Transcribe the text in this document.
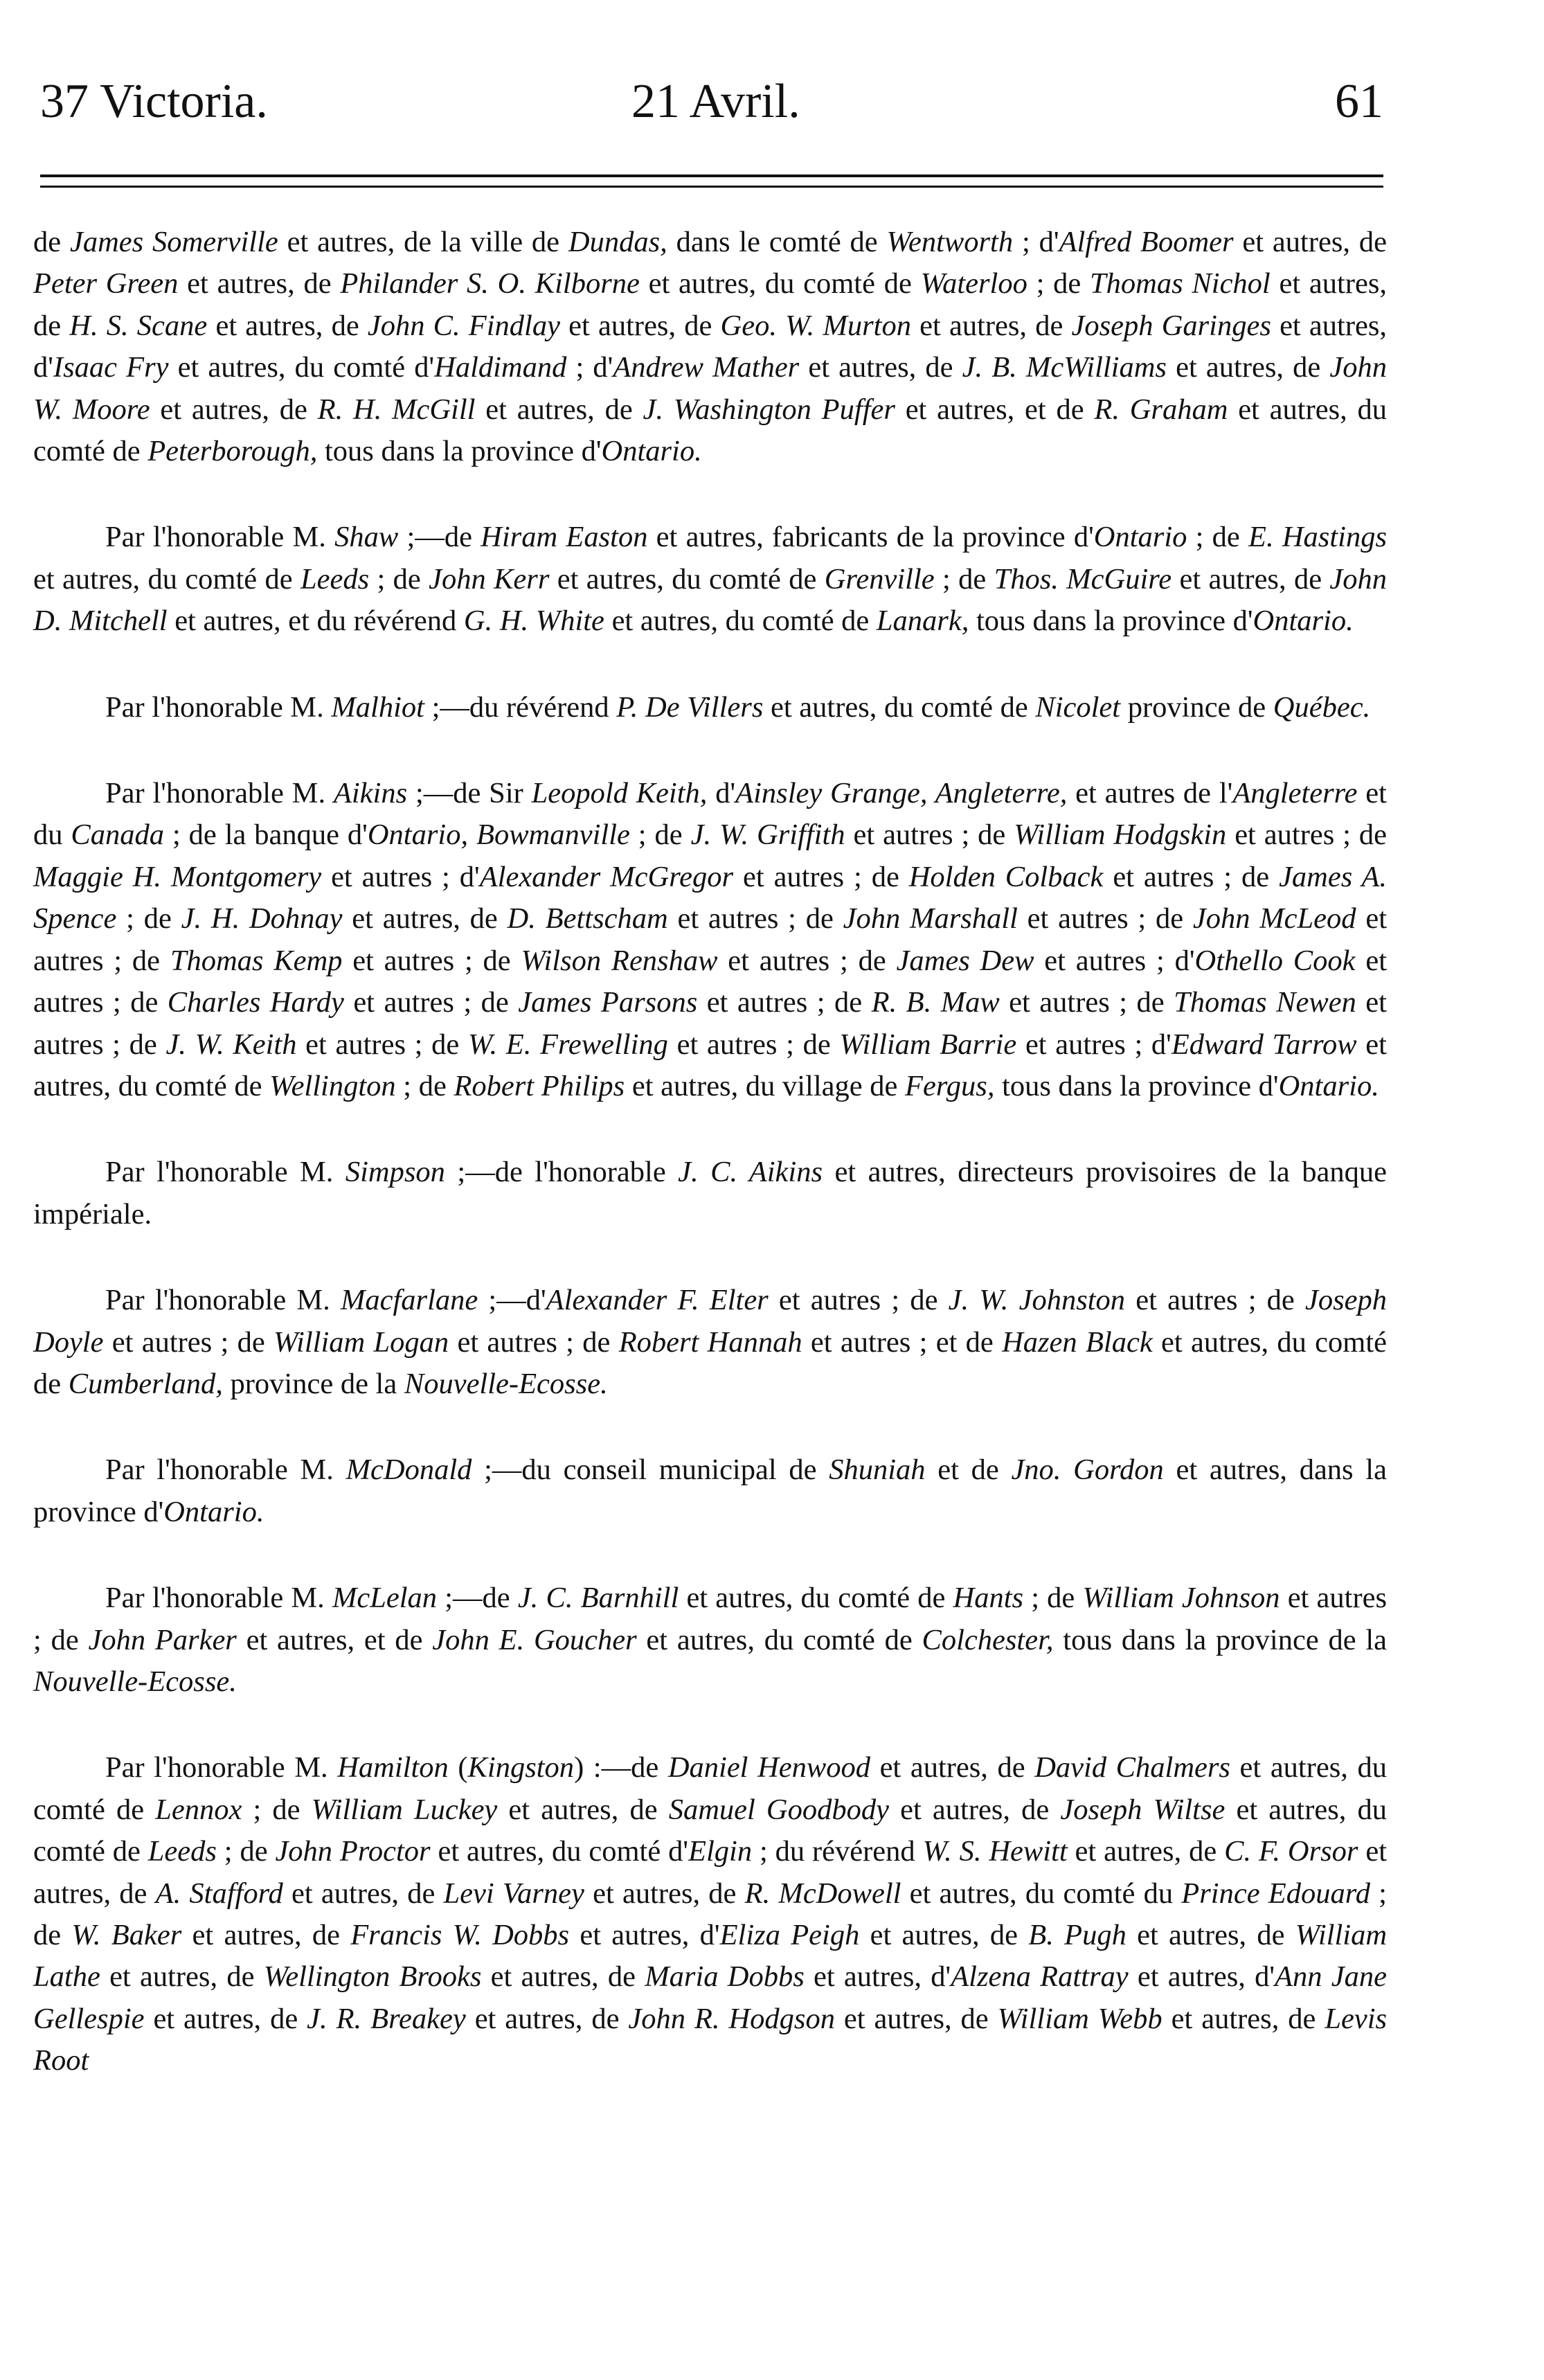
37 Victoria.	21 Avril.	61

de James Somerville et autres, de la ville de Dundas, dans le comté de Wentworth ; d'Alfred Boomer et autres, de Peter Green et autres, de Philander S. O. Kilborne et autres, du comté de Waterloo ; de Thomas Nichol et autres, de H. S. Scane et autres, de John C. Findlay et autres, de Geo. W. Murton et autres, de Joseph Garinges et autres, d'Isaac Fry et autres, du comté d'Haldimand ; d'Andrew Mather et autres, de J. B. McWilliams et autres, de John W. Moore et autres, de R. H. McGill et autres, de J. Washington Puffer et autres, et de R. Graham et autres, du comté de Peterborough, tous dans la province d'Ontario.

Par l'honorable M. Shaw ;—de Hiram Easton et autres, fabricants de la province d'Ontario ; de E. Hastings et autres, du comté de Leeds ; de John Kerr et autres, du comté de Grenville ; de Thos. McGuire et autres, de John D. Mitchell et autres, et du révérend G. H. White et autres, du comté de Lanark, tous dans la province d'Ontario.

Par l'honorable M. Malhiot ;—du révérend P. De Villers et autres, du comté de Nicolet province de Québec.

Par l'honorable M. Aikins ;—de Sir Leopold Keith, d'Ainsley Grange, Angleterre, et autres de l'Angleterre et du Canada ; de la banque d'Ontario, Bowmanville ; de J. W. Griffith et autres ; de William Hodgskin et autres ; de Maggie H. Montgomery et autres ; d'Alexander McGregor et autres ; de Holden Colback et autres ; de James A. Spence ; de J. H. Dohnay et autres, de D. Bettscham et autres ; de John Marshall et autres ; de John McLeod et autres ; de Thomas Kemp et autres ; de Wilson Renshaw et autres ; de James Dew et autres ; d'Othello Cook et autres ; de Charles Hardy et autres ; de James Parsons et autres ; de R. B. Maw et autres ; de Thomas Newen et autres ; de J. W. Keith et autres ; de W. E. Frewelling et autres ; de William Barrie et autres ; d'Edward Tarrow et autres, du comté de Wellington ; de Robert Philips et autres, du village de Fergus, tous dans la province d'Ontario.

Par l'honorable M. Simpson ;—de l'honorable J. C. Aikins et autres, directeurs provisoires de la banque impériale.

Par l'honorable M. Macfarlane ;—d'Alexander F. Elter et autres ; de J. W. Johnston et autres ; de Joseph Doyle et autres ; de William Logan et autres ; de Robert Hannah et autres ; et de Hazen Black et autres, du comté de Cumberland, province de la Nouvelle-Ecosse.

Par l'honorable M. McDonald ;—du conseil municipal de Shuniah et de Jno. Gordon et autres, dans la province d'Ontario.

Par l'honorable M. McLelan ;—de J. C. Barnhill et autres, du comté de Hants ; de William Johnson et autres ; de John Parker et autres, et de John E. Goucher et autres, du comté de Colchester, tous dans la province de la Nouvelle-Ecosse.

Par l'honorable M. Hamilton (Kingston) :—de Daniel Henwood et autres, de David Chalmers et autres, du comté de Lennox ; de William Luckey et autres, de Samuel Goodbody et autres, de Joseph Wiltse et autres, du comté de Leeds ; de John Proctor et autres, du comté d'Elgin ; du révérend W. S. Hewitt et autres, de C. F. Orsor et autres, de A. Stafford et autres, de Levi Varney et autres, de R. McDowell et autres, du comté du Prince Edouard ; de W. Baker et autres, de Francis W. Dobbs et autres, d'Eliza Peigh et autres, de B. Pugh et autres, de William Lathe et autres, de Wellington Brooks et autres, de Maria Dobbs et autres, d'Alzena Rattray et autres, d'Ann Jane Gellespie et autres, de J. R. Breakey et autres, de John R. Hodgson et autres, de William Webb et autres, de Levis Root
